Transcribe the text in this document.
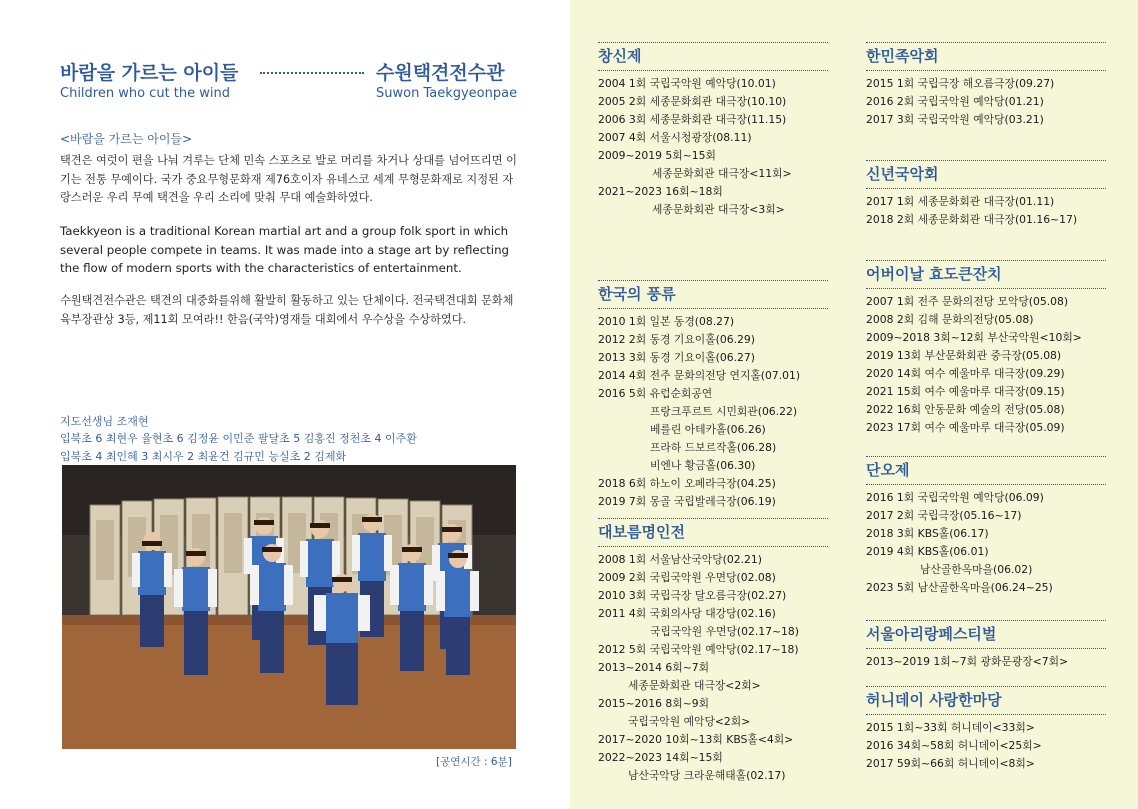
바람을 가르는 아이들	수원택견전수관
Children who cut the wind	Suwon Taekgyeonpae
<바람을 가르는 아이들>
택견은 여럿이 편을 나눠 겨루는 단체 민속 스포츠로 발로 머리를 차거나 상대를 넘어뜨리면 이기는 전통 무예이다. 국가 중요무형문화재 제76호이자 유네스코 세계 무형문화재로 지정된 자랑스러운 우리 무예 택견을 우리 소리에 맞춰 무대 예술화하였다.
Taekkyeon is a traditional Korean martial art and a group folk sport in which several people compete in teams. It was made into a stage art by reflecting the flow of modern sports with the characteristics of entertainment.
수원택견전수관은 택견의 대중화를위해 활발히 활동하고 있는 단체이다. 전국택견대회 문화체육부장관상 3등, 제11회 모여라!! 한음(국악)영재들 대회에서 우수상을 수상하였다.
지도선생님 조재현
입북초 6 최현우 율현초 6 김정윤 이민준 팔달초 5 김홍진 정천초 4 이주환
입북초 4 최인혜 3 최시우 2 최윤건 김규민 능실초 2 김제화
[공연시간 : 6분]
창신제
2004 1회 국립국악원 예악당(10.01)
2005 2회 세종문화회관 대극장(10.10)
2006 3회 세종문화회관 대극장(11.15)
2007 4회 서울시청광장(08.11)
2009~2019 5회~15회
세종문화회관 대극장<11회>
2021~2023 16회~18회
세종문화회관 대극장<3회>
한국의 풍류
2010 1회 일본 동경(08.27)
2012 2회 동경 기요이홀(06.29)
2013 3회 동경 기요이홀(06.27)
2014 4회 전주 문화의전당 연지홀(07.01)
2016 5회 유럽순회공연
프랑크푸르트 시민회관(06.22)
베를린 아테카홀(06.26)
프라하 드보르작홀(06.28)
비엔나 황금홀(06.30)
2018 6회 하노이 오페라극장(04.25)
2019 7회 몽골 국립발레극장(06.19)
대보름명인전
2008 1회 서울남산국악당(02.21)
2009 2회 국립국악원 우면당(02.08)
2010 3회 국립극장 달오름극장(02.27)
2011 4회 국회의사당 대강당(02.16)
국립국악원 우면당(02.17~18)
2012 5회 국립국악원 예악당(02.17~18)
2013~2014 6회~7회
세종문화회관 대극장<2회>
2015~2016 8회~9회
국립국악원 예악당<2회>
2017~2020 10회~13회 KBS홀<4회>
2022~2023 14회~15회
남산국악당 크라운해태홀(02.17)
한민족악회
2015 1회 국립극장 해오름극장(09.27)
2016 2회 국립국악원 예악당(01.21)
2017 3회 국립국악원 예악당(03.21)
신년국악회
2017 1회 세종문화회관 대극장(01.11)
2018 2회 세종문화회관 대극장(01.16~17)
어버이날 효도큰잔치
2007 1회 전주 문화의전당 모악당(05.08)
2008 2회 김해 문화의전당(05.08)
2009~2018 3회~12회 부산국악원<10회>
2019 13회 부산문화회관 중극장(05.08)
2020 14회 여수 예울마루 대극장(09.29)
2021 15회 여수 예울마루 대극장(09.15)
2022 16회 안동문화 예술의 전당(05.08)
2023 17회 여수 예울마루 대극장(05.09)
단오제
2016 1회 국립국악원 예악당(06.09)
2017 2회 국립극장(05.16~17)
2018 3회 KBS홀(06.17)
2019 4회 KBS홀(06.01)
남산골한옥마을(06.02)
2023 5회 남산골한옥마을(06.24~25)
서울아리랑페스티벌
2013~2019 1회~7회 광화문광장<7회>
허니데이 사랑한마당
2015 1회~33회 허니데이<33회>
2016 34회~58회 허니데이<25회>
2017 59회~66회 허니데이<8회>
